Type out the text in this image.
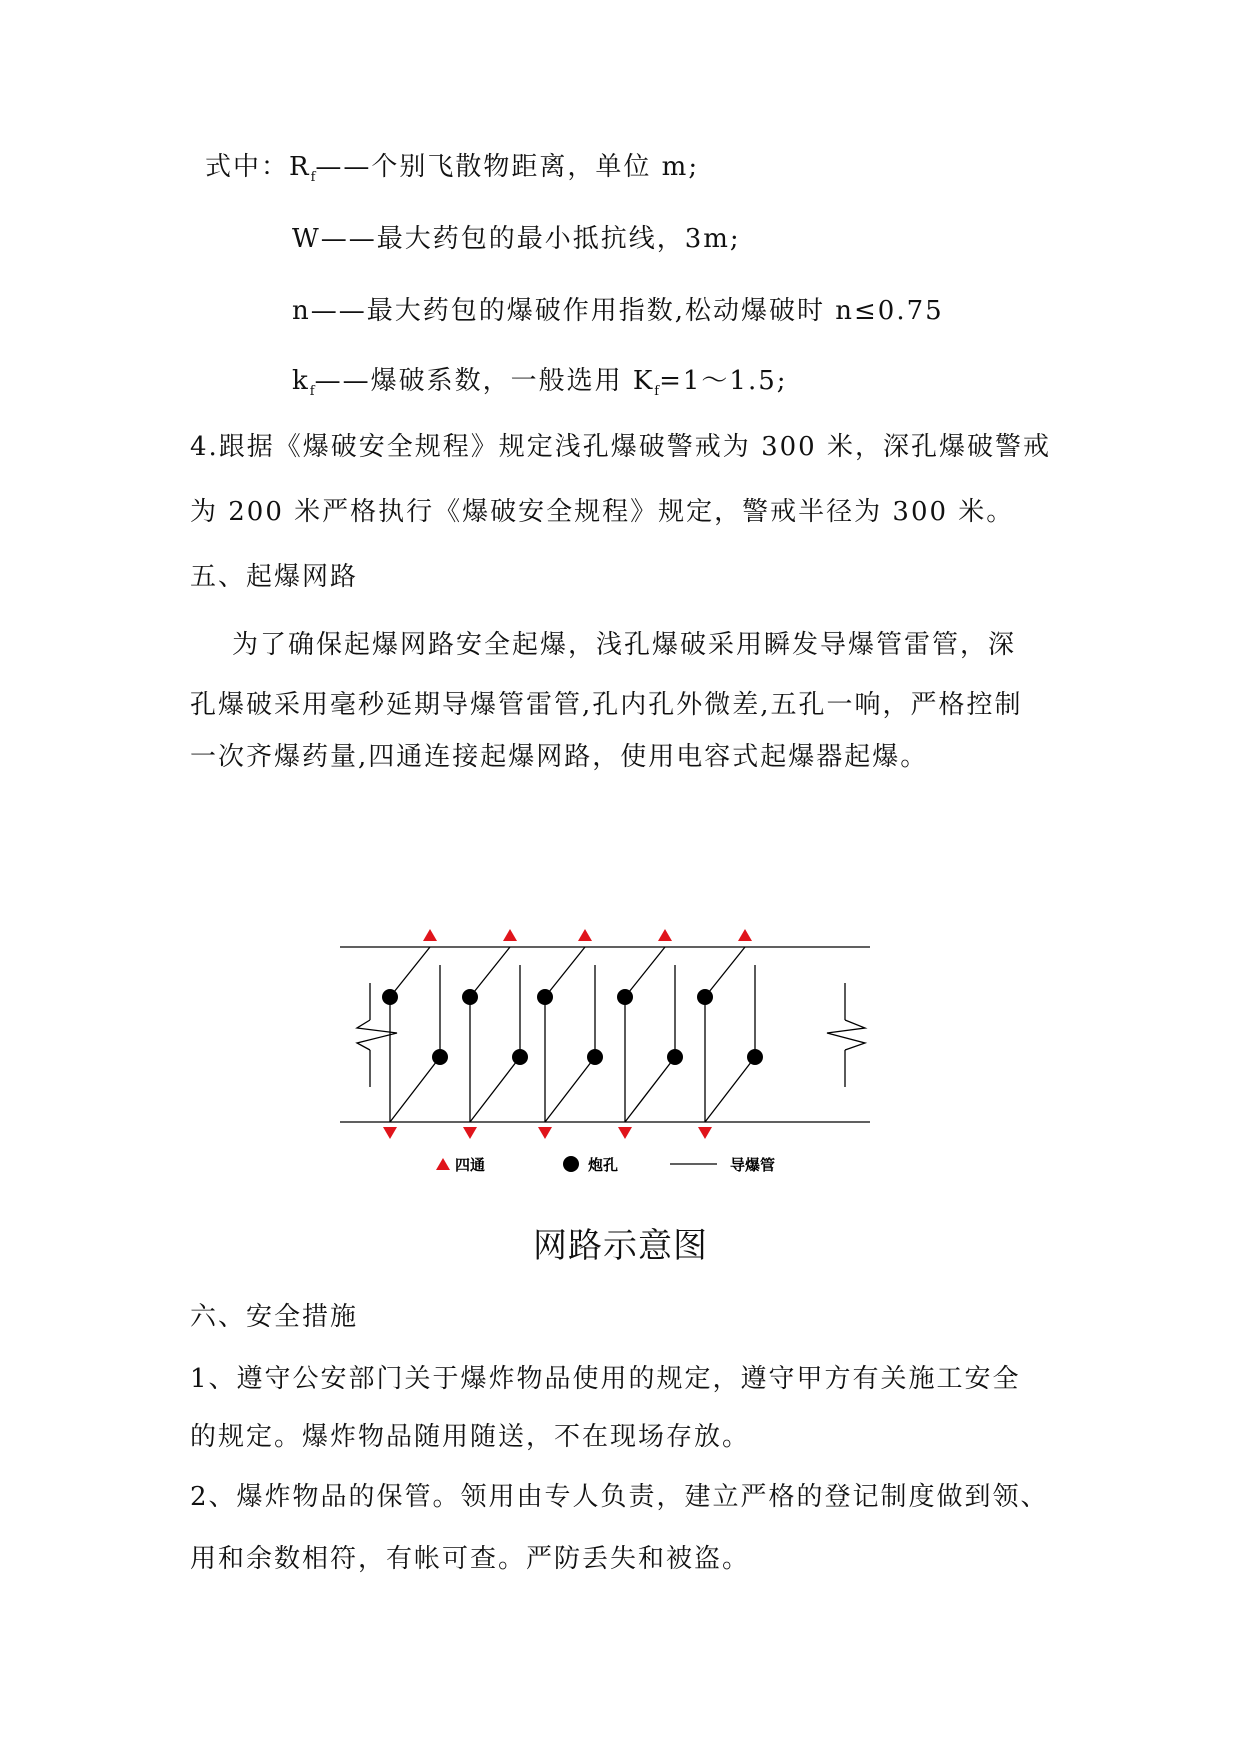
式中：$R_f——$个别飞散物距离，单位 m;
W——最大药包的最小抵抗线，3m;
n——最大药包的爆破作用指数,松动爆破时 n≤0.75
$k_f——$爆破系数，一般选用 $K_f=1\sim 1.5$;
4.跟据《爆破安全规程》规定浅孔爆破警戒为 300 米，深孔爆破警戒
为 200 米严格执行《爆破安全规程》规定，警戒半径为 300 米。
五、起爆网路
为了确保起爆网路安全起爆，浅孔爆破采用瞬发导爆管雷管，深
孔爆破采用毫秒延期导爆管雷管,孔内孔外微差,五孔一响，严格控制
一次齐爆药量,四通连接起爆网路，使用电容式起爆器起爆。
四通	炮孔	导爆管
网路示意图
六、安全措施
1、遵守公安部门关于爆炸物品使用的规定，遵守甲方有关施工安全
的规定。爆炸物品随用随送，不在现场存放。
2、爆炸物品的保管。领用由专人负责，建立严格的登记制度做到领、
用和余数相符，有帐可查。严防丢失和被盗。
